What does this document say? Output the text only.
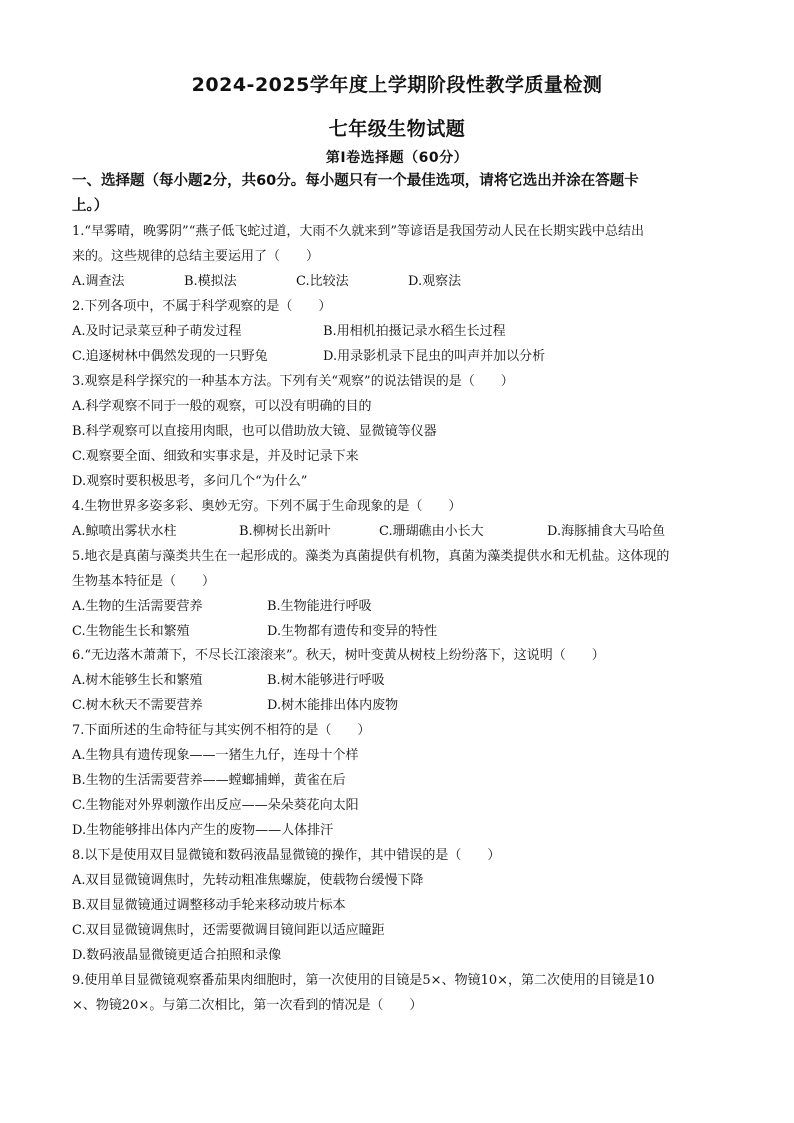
2024-2025学年度上学期阶段性教学质量检测
七年级生物试题
第Ⅰ卷选择题（60分）
一、选择题（每小题2分，共60分。每小题只有一个最佳选项，请将它选出并涂在答题卡
上。）
1.“早雾晴，晚雾阴”“燕子低飞蛇过道，大雨不久就来到”等谚语是我国劳动人民在长期实践中总结出
来的。这些规律的总结主要运用了（　　）
A.调查法	B.模拟法	C.比较法	D.观察法
2.下列各项中，不属于科学观察的是（　　）
A.及时记录菜豆种子萌发过程	B.用相机拍摄记录水稻生长过程
C.追逐树林中偶然发现的一只野兔	D.用录影机录下昆虫的叫声并加以分析
3.观察是科学探究的一种基本方法。下列有关“观察”的说法错误的是（　　）
A.科学观察不同于一般的观察，可以没有明确的目的
B.科学观察可以直接用肉眼，也可以借助放大镜、显微镜等仪器
C.观察要全面、细致和实事求是，并及时记录下来
D.观察时要积极思考，多问几个“为什么”
4.生物世界多姿多彩、奥妙无穷。下列不属于生命现象的是（　　）
A.鲸喷出雾状水柱	B.柳树长出新叶	C.珊瑚礁由小长大	D.海豚捕食大马哈鱼
5.地衣是真菌与藻类共生在一起形成的。藻类为真菌提供有机物，真菌为藻类提供水和无机盐。这体现的
生物基本特征是（　　）
A.生物的生活需要营养	B.生物能进行呼吸
C.生物能生长和繁殖	D.生物都有遗传和变异的特性
6.“无边落木萧萧下，不尽长江滚滚来”。秋天，树叶变黄从树枝上纷纷落下，这说明（　　）
A.树木能够生长和繁殖	B.树木能够进行呼吸
C.树木秋天不需要营养	D.树木能排出体内废物
7.下面所述的生命特征与其实例不相符的是（　　）
A.生物具有遗传现象——一猪生九仔，连母十个样
B.生物的生活需要营养——螳螂捕蝉，黄雀在后
C.生物能对外界刺激作出反应——朵朵葵花向太阳
D.生物能够排出体内产生的废物——人体排汗
8.以下是使用双目显微镜和数码液晶显微镜的操作，其中错误的是（　　）
A.双目显微镜调焦时，先转动粗准焦螺旋，使载物台缓慢下降
B.双目显微镜通过调整移动手轮来移动玻片标本
C.双目显微镜调焦时，还需要微调目镜间距以适应瞳距
D.数码液晶显微镜更适合拍照和录像
9.使用单目显微镜观察番茄果肉细胞时，第一次使用的目镜是5×、物镜10×，第二次使用的目镜是10
×、物镜20×。与第二次相比，第一次看到的情况是（　　）
